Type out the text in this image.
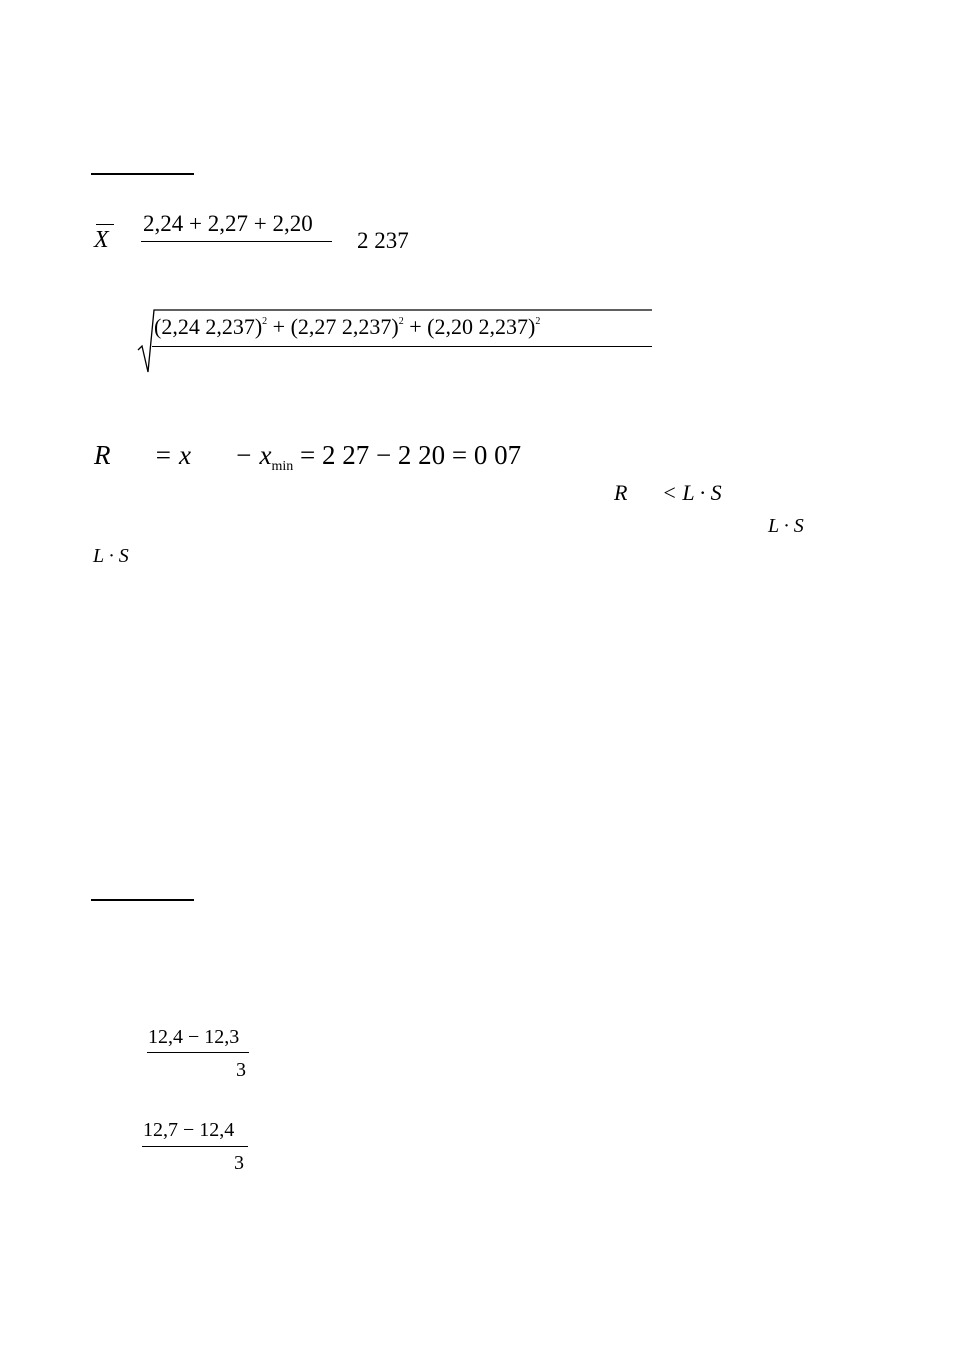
X
2,24 + 2,27 + 2,20
2 237
(2,24 2,237)$^2$ + (2,27 2,237)$^2$ + (2,20 2,237)$^2$
$R = x - x_{min} = 2$ 27 − 2 20 = 0 07
R < L · S
L · S
L · S
12,4 − 12,3
3
12,7 − 12,4
3
